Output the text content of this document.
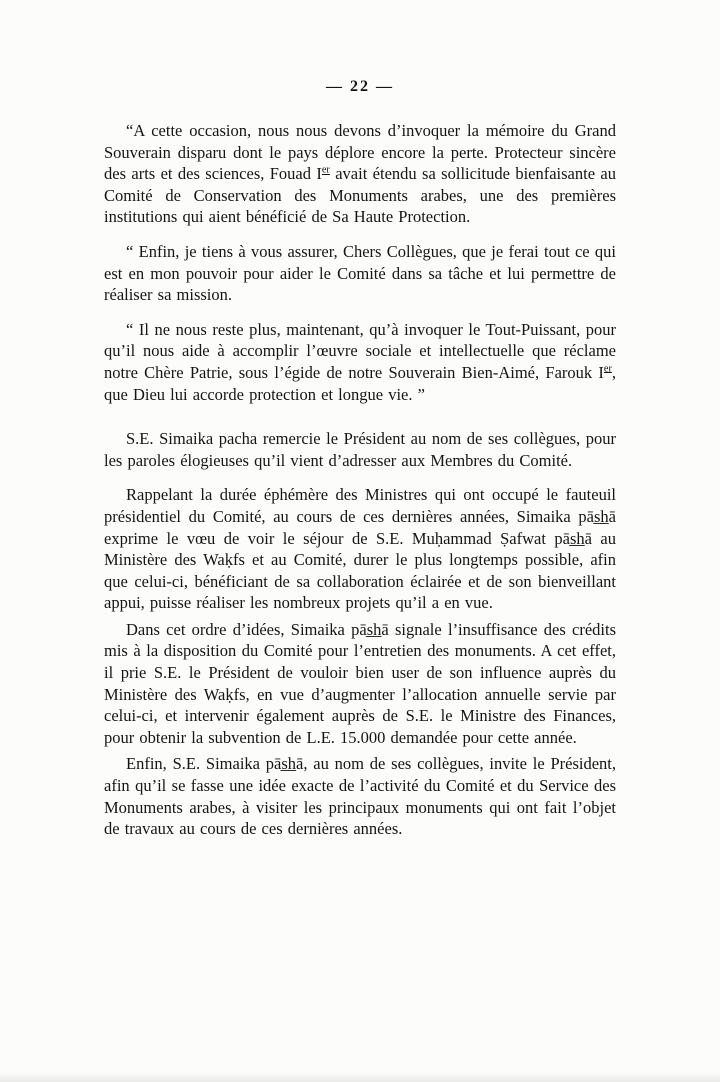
— 22 —

“A cette occasion, nous nous devons d’invoquer la mémoire du Grand Souverain disparu dont le pays déplore encore la perte. Protecteur sincère des arts et des sciences, Fouad Ier avait étendu sa sollicitude bienfaisante au Comité de Conservation des Monuments arabes, une des premières institutions qui aient bénéficié de Sa Haute Protection.

“ Enfin, je tiens à vous assurer, Chers Collègues, que je ferai tout ce qui est en mon pouvoir pour aider le Comité dans sa tâche et lui permettre de réaliser sa mission.

“ Il ne nous reste plus, maintenant, qu’à invoquer le Tout-Puissant, pour qu’il nous aide à accomplir l’œuvre sociale et intellectuelle que réclame notre Chère Patrie, sous l’égide de notre Souverain Bien-Aimé, Farouk Ier, que Dieu lui accorde protection et longue vie. ”

S.E. Simaika pacha remercie le Président au nom de ses collègues, pour les paroles élogieuses qu’il vient d’adresser aux Membres du Comité.

Rappelant la durée éphémère des Ministres qui ont occupé le fauteuil présidentiel du Comité, au cours de ces dernières années, Simaika pās̲h̲ā exprime le vœu de voir le séjour de S.E. Muḥammad Ṣafwat pās̲h̲ā au Ministère des Waḳfs et au Comité, durer le plus longtemps possible, afin que celui-ci, bénéficiant de sa collaboration éclairée et de son bienveillant appui, puisse réaliser les nombreux projets qu’il a en vue.

Dans cet ordre d’idées, Simaika pās̲h̲ā signale l’insuffisance des crédits mis à la disposition du Comité pour l’entretien des monuments. A cet effet, il prie S.E. le Président de vouloir bien user de son influence auprès du Ministère des Waḳfs, en vue d’augmenter l’allocation annuelle servie par celui-ci, et intervenir également auprès de S.E. le Ministre des Finances, pour obtenir la subvention de L.E. 15.000 demandée pour cette année.

Enfin, S.E. Simaika pās̲h̲ā, au nom de ses collègues, invite le Président, afin qu’il se fasse une idée exacte de l’activité du Comité et du Service des Monuments arabes, à visiter les principaux monuments qui ont fait l’objet de travaux au cours de ces dernières années.
